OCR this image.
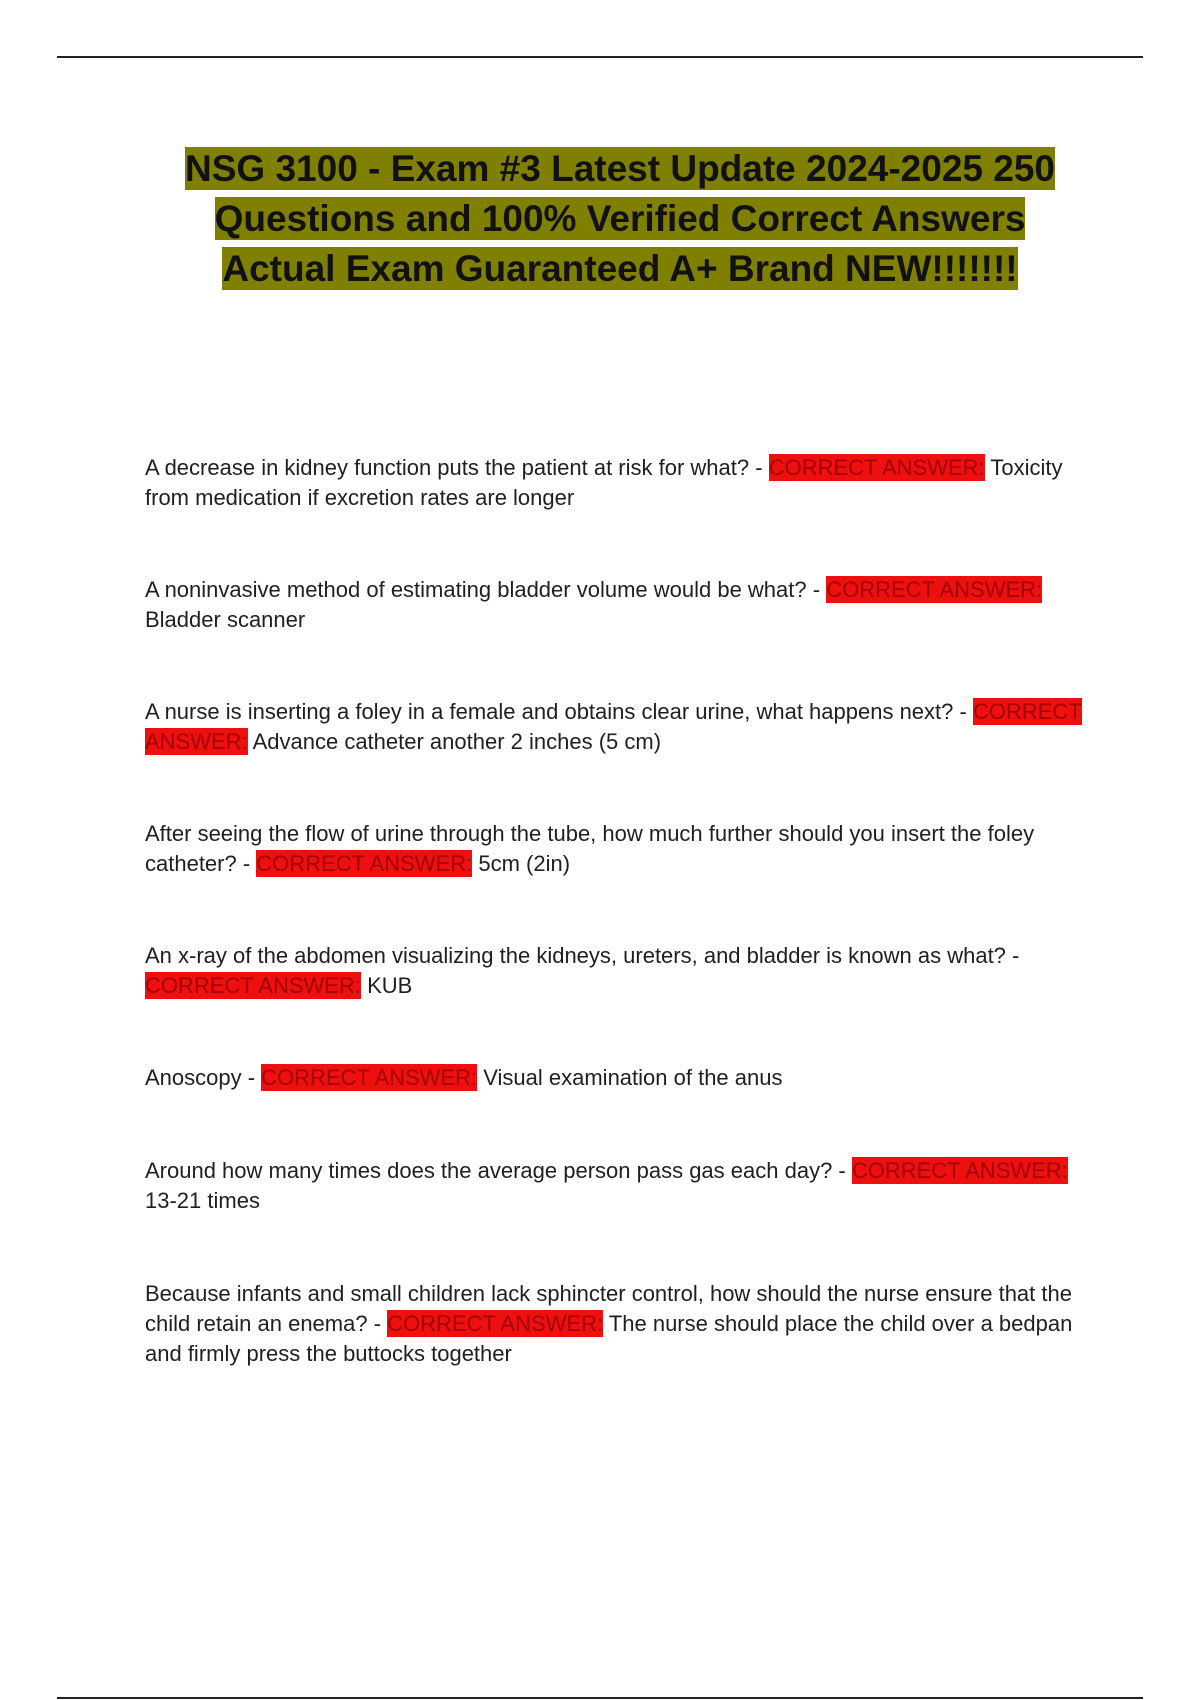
NSG 3100 - Exam #3 Latest Update 2024-2025 250 Questions and 100% Verified Correct Answers Actual Exam Guaranteed A+ Brand NEW!!!!!!!
A decrease in kidney function puts the patient at risk for what? - CORRECT ANSWER: Toxicity from medication if excretion rates are longer
A noninvasive method of estimating bladder volume would be what? - CORRECT ANSWER: Bladder scanner
A nurse is inserting a foley in a female and obtains clear urine, what happens next? - CORRECT ANSWER: Advance catheter another 2 inches (5 cm)
After seeing the flow of urine through the tube, how much further should you insert the foley catheter? - CORRECT ANSWER: 5cm (2in)
An x-ray of the abdomen visualizing the kidneys, ureters, and bladder is known as what? - CORRECT ANSWER: KUB
Anoscopy - CORRECT ANSWER: Visual examination of the anus
Around how many times does the average person pass gas each day? - CORRECT ANSWER: 13-21 times
Because infants and small children lack sphincter control, how should the nurse ensure that the child retain an enema? - CORRECT ANSWER: The nurse should place the child over a bedpan and firmly press the buttocks together
